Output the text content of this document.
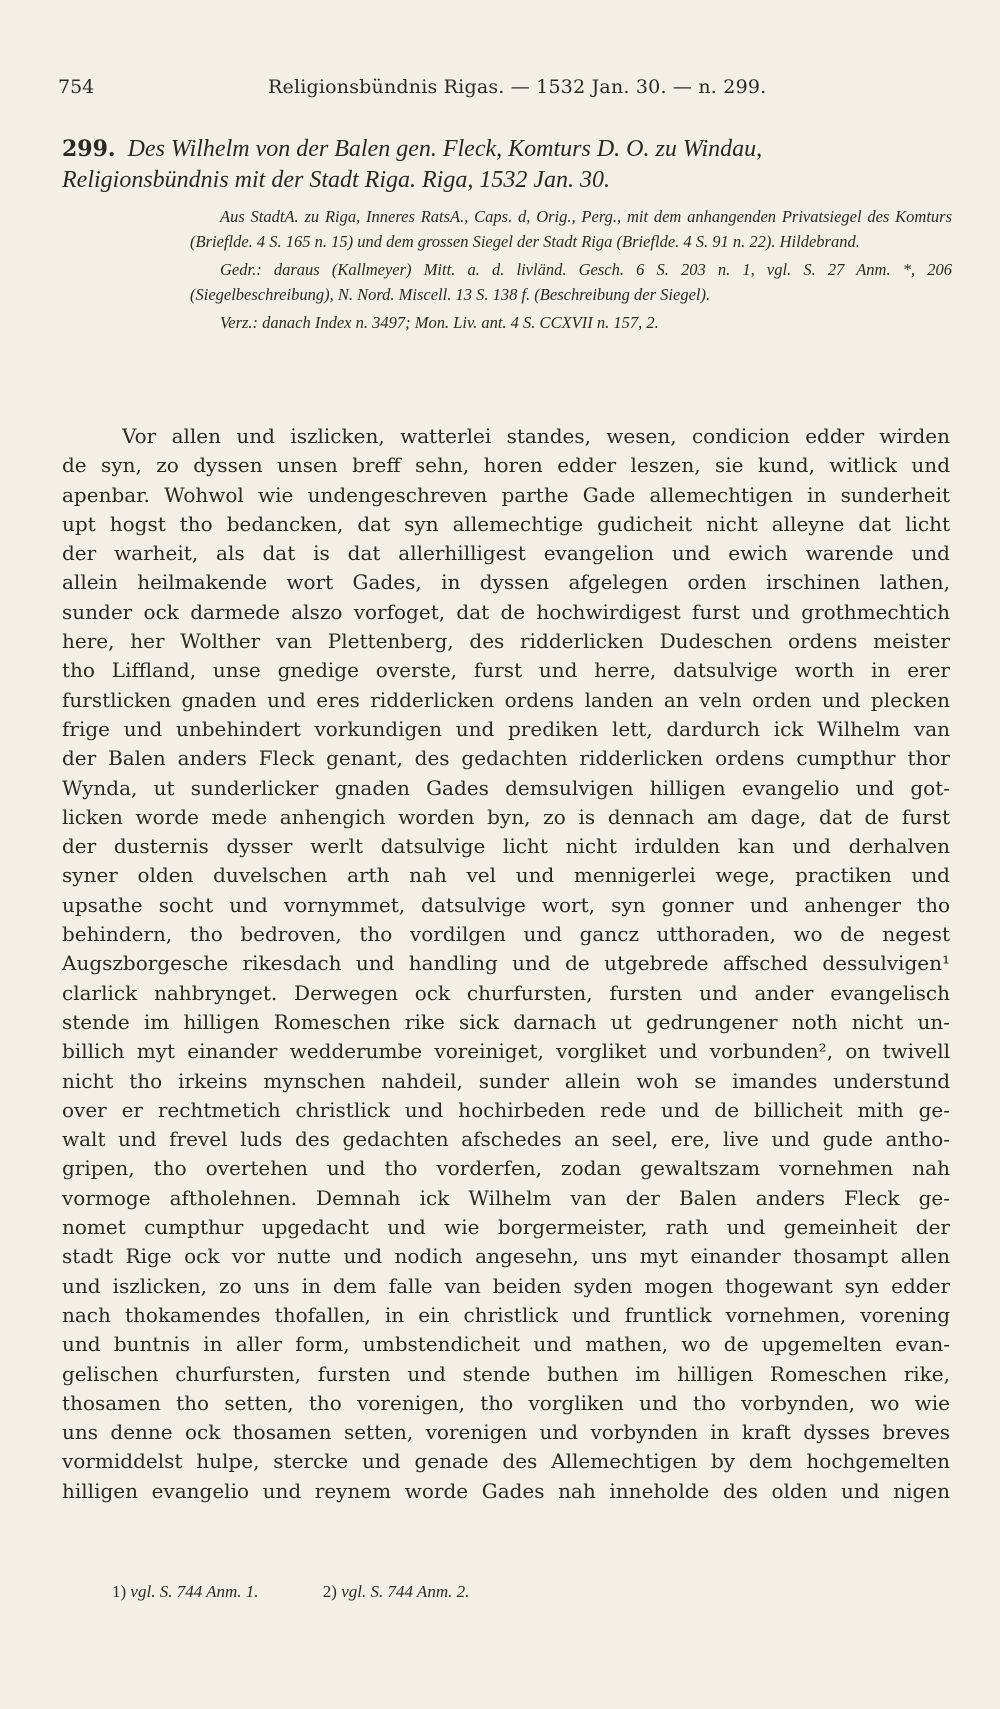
754	Religionsbündnis Rigas. — 1532 Jan. 30. — n. 299.
299. Des Wilhelm von der Balen gen. Fleck, Komturs D. O. zu Windau,
Religionsbündnis mit der Stadt Riga. Riga, 1532 Jan. 30.

Aus StadtA. zu Riga, Inneres RatsA., Caps. d, Orig., Perg., mit dem anhangenden Privatsiegel des Komturs (Briefl​de. 4 S. 165 n. 15) und dem grossen Siegel der Stadt Riga (Briefl​de. 4 S. 91 n. 22). Hildebrand.

Gedr.: daraus (Kallmeyer) Mitt. a. d. livländ. Gesch. 6 S. 203 n. 1, vgl. S. 27 Anm. *, 206 (Siegelbeschreibung), N. Nord. Miscell. 13 S. 138 f. (Beschreibung der Siegel).

Verz.: danach Index n. 3497; Mon. Liv. ant. 4 S. CCXVII n. 157, 2.

Vor allen und iszlicken, watterlei standes, wesen, condicion edder wirden
de syn, zo dyssen unsen breff sehn, horen edder leszen, sie kund, witlick und
apenbar. Wohwol wie undengeschreven parthe Gade allemechtigen in sunderheit
upt hogst tho bedancken, dat syn allemechtige gudicheit nicht alleyne dat licht
der warheit, als dat is dat allerhilligest evangelion und ewich warende und
allein heilmakende wort Gades, in dyssen afgelegen orden irschinen lathen,
sunder ock darmede alszo vorfoget, dat de hochwirdigest furst und grothmechtich
here, her Wolther van Plettenberg, des ridderlicken Dudeschen ordens meister
tho Liffland, unse gnedige overste, furst und herre, datsulvige worth in erer
furstlicken gnaden und eres ridderlicken ordens landen an veln orden und plecken
frige und unbehindert vorkundigen und prediken lett, dardurch ick Wilhelm van
der Balen anders Fleck genant, des gedachten ridderlicken ordens cumpthur thor
Wynda, ut sunderlicker gnaden Gades demsulvigen hilligen evangelio und got-
licken worde mede anhengich worden byn, zo is dennach am dage, dat de furst
der dusternis dysser werlt datsulvige licht nicht irdulden kan und derhalven
syner olden duvelschen arth nah vel und mennigerlei wege, practiken und
upsathe socht und vornymmet, datsulvige wort, syn gonner und anhenger tho
behindern, tho bedroven, tho vordilgen und gancz utthoraden, wo de negest
Augszborgesche rikesdach und handling und de utgebrede affsched dessulvigen¹
clarlick nahbrynget. Derwegen ock churfursten, fursten und ander evangelisch
stende im hilligen Romeschen rike sick darnach ut gedrungener noth nicht un-
billich myt einander wedderumbe voreiniget, vorgliket und vorbunden², on twivell
nicht tho irkeins mynschen nahdeil, sunder allein woh se imandes understund
over er rechtmetich christlick und hochirbeden rede und de billicheit mith ge-
walt und frevel luds des gedachten afschedes an seel, ere, live und gude antho-
gripen, tho overtehen und tho vorderfen, zodan gewaltszam vornehmen nah
vormoge aftholehnen. Demnah ick Wilhelm van der Balen anders Fleck ge-
nomet cumpthur upgedacht und wie borgermeister, rath und gemeinheit der
stadt Rige ock vor nutte und nodich angesehn, uns myt einander thosampt allen
und iszlicken, zo uns in dem falle van beiden syden mogen thogewant syn edder
nach thokamendes thofallen, in ein christlick und fruntlick vornehmen, vorening
und buntnis in aller form, umbstendicheit und mathen, wo de upgemelten evan-
gelischen churfursten, fursten und stende buthen im hilligen Romeschen rike,
thosamen tho setten, tho vorenigen, tho vorgliken und tho vorbynden, wo wie
uns denne ock thosamen setten, vorenigen und vorbynden in kraft dysses breves
vormiddelst hulpe, stercke und genade des Allemechtigen by dem hochgemelten
hilligen evangelio und reynem worde Gades nah inneholde des olden und nigen
1) vgl. S. 744 Anm. 1.	2) vgl. S. 744 Anm. 2.
